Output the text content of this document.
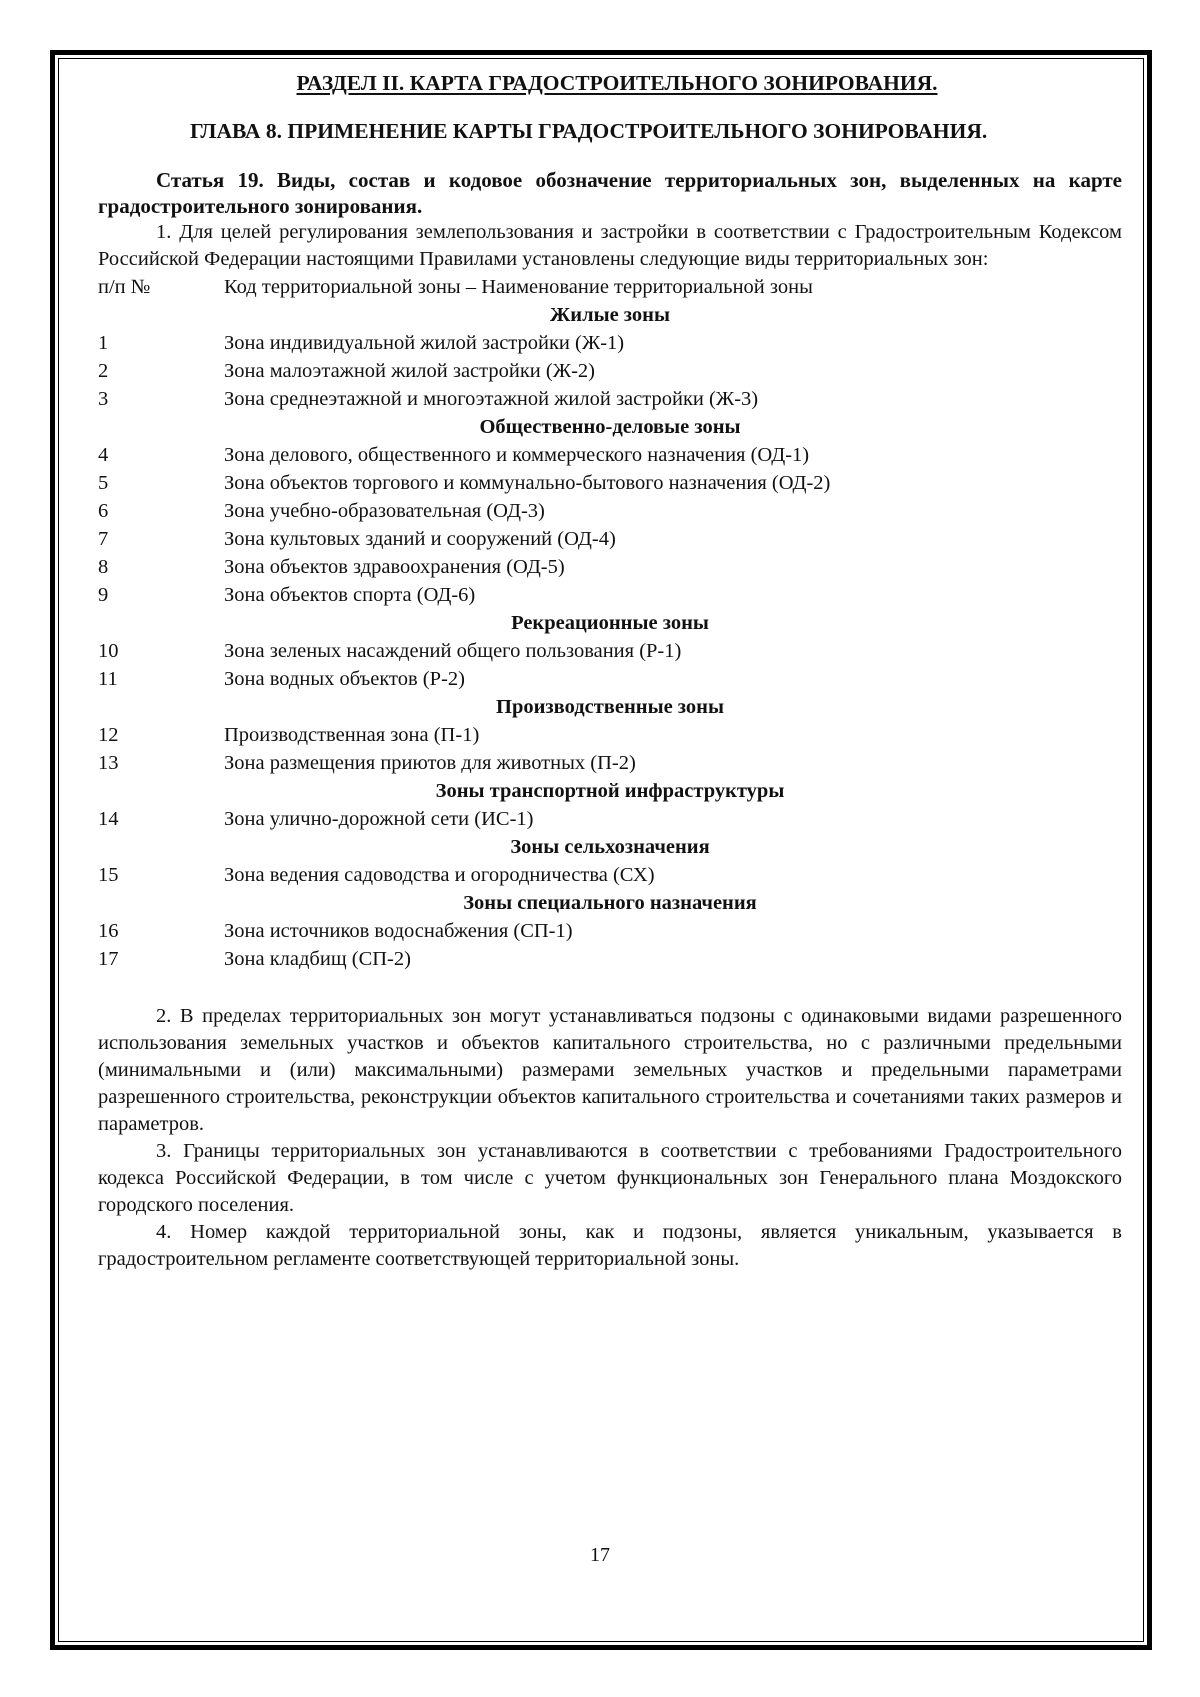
РАЗДЕЛ II. КАРТА ГРАДОСТРОИТЕЛЬНОГО ЗОНИРОВАНИЯ.
ГЛАВА 8. ПРИМЕНЕНИЕ КАРТЫ ГРАДОСТРОИТЕЛЬНОГО ЗОНИРОВАНИЯ.

Статья 19. Виды, состав и кодовое обозначение территориальных зон, выделенных на карте градостроительного зонирования.

1. Для целей регулирования землепользования и застройки в соответствии с Градостроительным Кодексом Российской Федерации настоящими Правилами установлены следующие виды территориальных зон:

п/п №	Код территориальной зоны – Наименование территориальной зоны
Жилые зоны
1	Зона индивидуальной жилой застройки (Ж-1)
2	Зона малоэтажной жилой застройки (Ж-2)
3	Зона среднеэтажной и многоэтажной жилой застройки (Ж-3)
Общественно-деловые зоны
4	Зона делового, общественного и коммерческого назначения (ОД-1)
5	Зона объектов торгового и коммунально-бытового назначения (ОД-2)
6	Зона учебно-образовательная (ОД-3)
7	Зона культовых зданий и сооружений (ОД-4)
8	Зона объектов здравоохранения (ОД-5)
9	Зона объектов спорта (ОД-6)
Рекреационные зоны
10	Зона зеленых насаждений общего пользования (Р-1)
11	Зона водных объектов (Р-2)
Производственные зоны
12	Производственная зона (П-1)
13	Зона размещения приютов для животных (П-2)
Зоны транспортной инфраструктуры
14	Зона улично-дорожной сети (ИС-1)
Зоны сельхозначения
15	Зона ведения садоводства и огородничества (СХ)
Зоны специального назначения
16	Зона источников водоснабжения (СП-1)
17	Зона кладбищ (СП-2)

2. В пределах территориальных зон могут устанавливаться подзоны с одинаковыми видами разрешенного использования земельных участков и объектов капитального строительства, но с различными предельными (минимальными и (или) максимальными) размерами земельных участков и предельными параметрами разрешенного строительства, реконструкции объектов капитального строительства и сочетаниями таких размеров и параметров.

3. Границы территориальных зон устанавливаются в соответствии с требованиями Градостроительного кодекса Российской Федерации, в том числе с учетом функциональных зон Генерального плана Моздокского городского поселения.

4. Номер каждой территориальной зоны, как и подзоны, является уникальным, указывается в градостроительном регламенте соответствующей территориальной зоны.

17
